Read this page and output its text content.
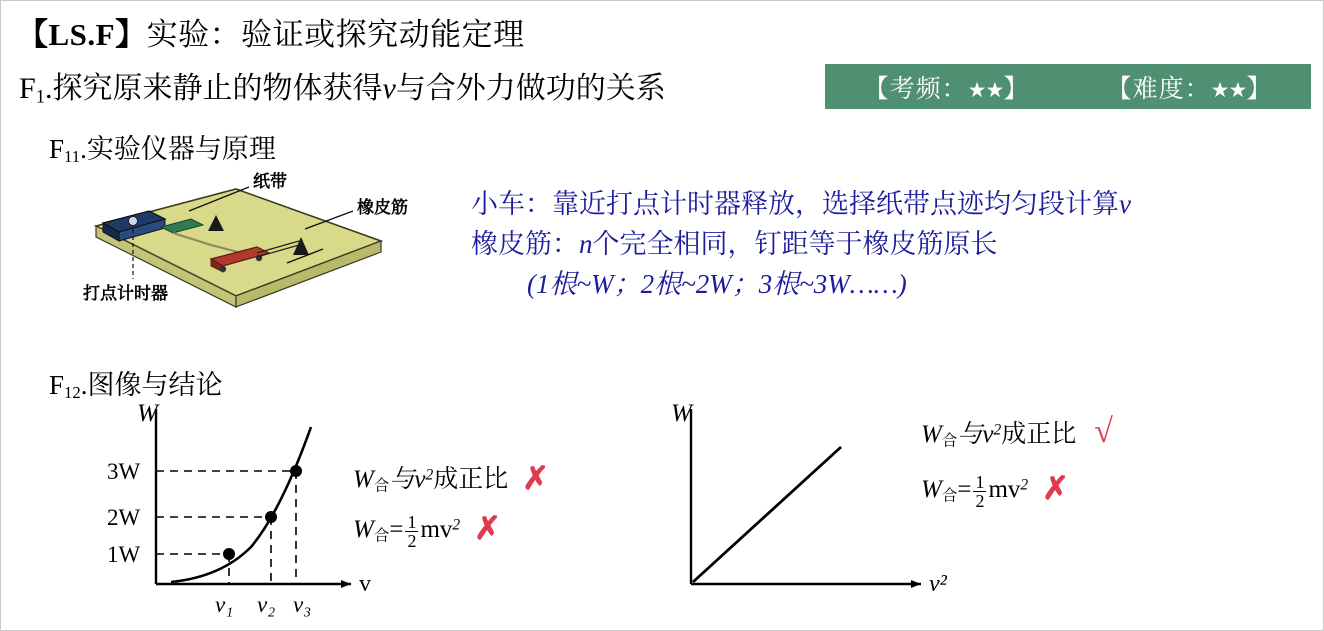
【LS.F】实验：验证或探究动能定理
$F_1$.探究原来静止的物体获得v与合外力做功的关系	【考频：★★】	【难度：★★】
$F_{11}$.实验仪器与原理
纸带
橡皮筋
打点计时器
小车：靠近打点计时器释放，选择纸带点迹均匀段计算v
橡皮筋：n个完全相同，钉距等于橡皮筋原长
(1根~W；2根~2W；3根~3W……)
$F_{12}$.图像与结论
W
v
3W
2W
1W
v₁ v₂ v₃
W
v²
W合与$v^2$成正比 ✗
W合= $\frac{1}{2} mv^2$ ✗
W合与$v^2$成正比 √
W合= $\frac{1}{2} mv^2$ ✗
